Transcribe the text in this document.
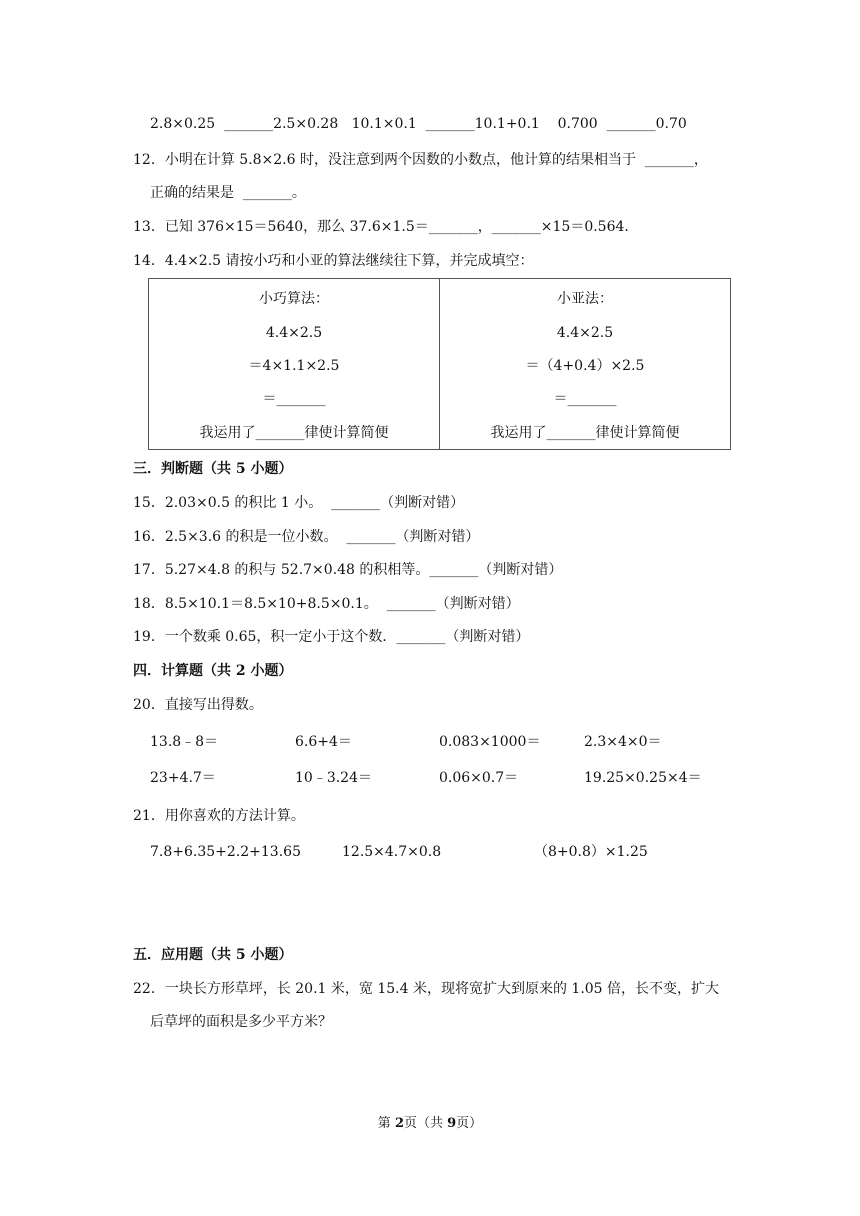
2.8×0.25  _______2.5×0.28   10.1×0.1  _______10.1+0.1    0.700  _______0.70
12．小明在计算 5.8×2.6 时，没注意到两个因数的小数点，他计算的结果相当于  _______，
正确的结果是  _______。
13．已知 376×15＝5640，那么 37.6×1.5＝_______，_______×15＝0.564．
14．4.4×2.5 请按小巧和小亚的算法继续往下算，并完成填空：
小巧算法：
4.4×2.5
＝4×1.1×2.5
＝_______
我运用了_______律使计算简便
小亚法：
4.4×2.5
＝（4+0.4）×2.5
＝_______
我运用了_______律使计算简便
三．判断题（共 5 小题）
15．2.03×0.5 的积比 1 小。  _______（判断对错）
16．2.5×3.6 的积是一位小数。  _______（判断对错）
17．5.27×4.8 的积与 52.7×0.48 的积相等。_______（判断对错）
18．8.5×10.1＝8.5×10+8.5×0.1。  _______（判断对错）
19．一个数乘 0.65，积一定小于这个数．_______（判断对错）
四．计算题（共 2 小题）
20．直接写出得数。
13.8﹣8＝	6.6+4＝	0.083×1000＝	2.3×4×0＝
23+4.7＝	10﹣3.24＝	0.06×0.7＝	19.25×0.25×4＝
21．用你喜欢的方法计算。
7.8+6.35+2.2+13.65	12.5×4.7×0.8	（8+0.8）×1.25
五．应用题（共 5 小题）
22．一块长方形草坪，长 20.1 米，宽 15.4 米，现将宽扩大到原来的 1.05 倍，长不变，扩大
后草坪的面积是多少平方米？
第 2页（共 9页）
